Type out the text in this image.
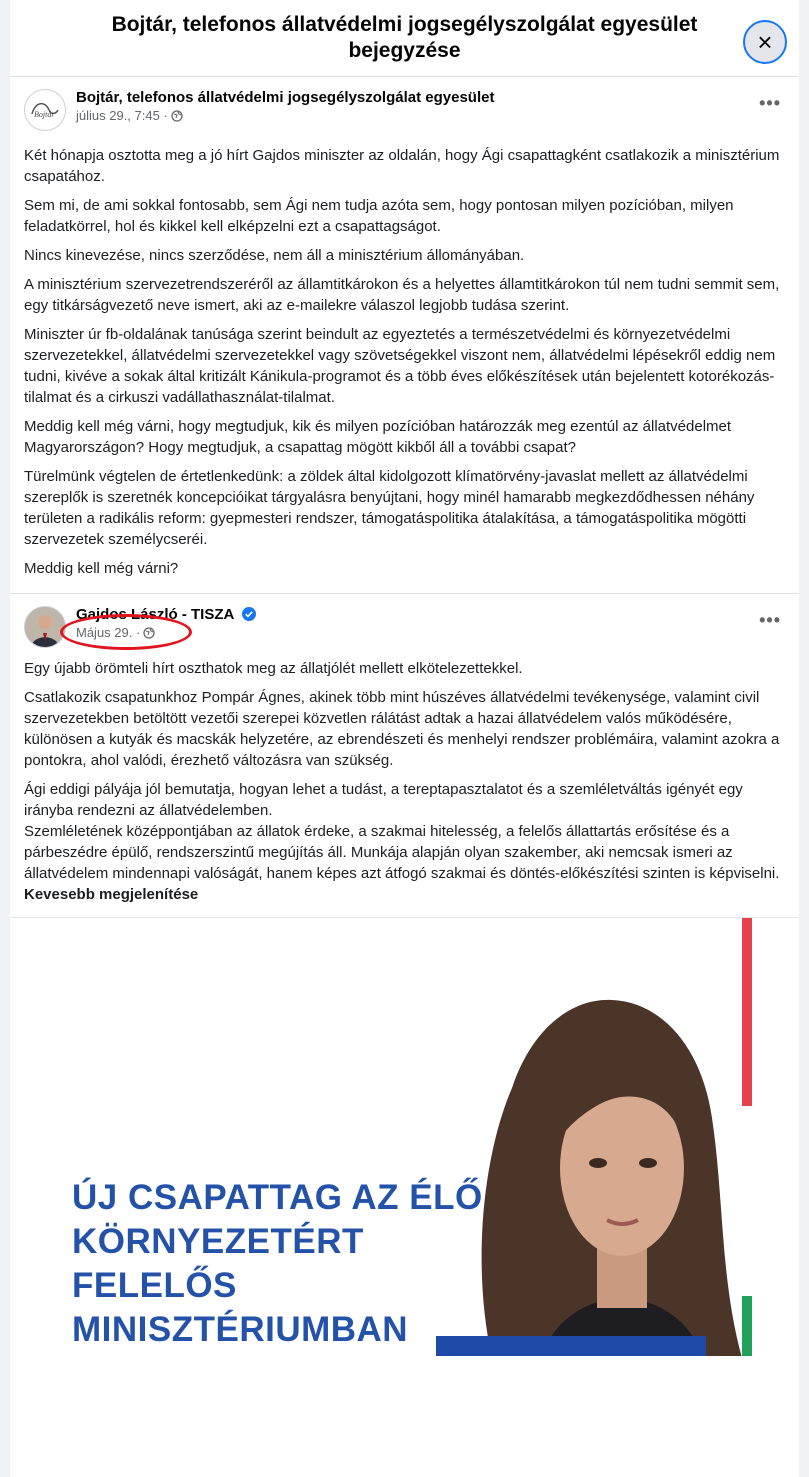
Bojtár, telefonos állatvédelmi jogsegélyszolgálat egyesület bejegyzése	×
Bojtár
Bojtár, telefonos állatvédelmi jogsegélyszolgálat egyesület
július 29., 7:45 ·
•••

Két hónapja osztotta meg a jó hírt Gajdos miniszter az oldalán, hogy Ági csapattagként csatlakozik a minisztérium csapatához.

Sem mi, de ami sokkal fontosabb, sem Ági nem tudja azóta sem, hogy pontosan milyen pozícióban, milyen feladatkörrel, hol és kikkel kell elképzelni ezt a csapattagságot.

Nincs kinevezése, nincs szerződése, nem áll a minisztérium állományában.

A minisztérium szervezetrendszeréről az államtitkárokon és a helyettes államtitkárokon túl nem tudni semmit sem, egy titkárságvezető neve ismert, aki az e-mailekre válaszol legjobb tudása szerint.

Miniszter úr fb-oldalának tanúsága szerint beindult az egyeztetés a természetvédelmi és környezetvédelmi szervezetekkel, állatvédelmi szervezetekkel vagy szövetségekkel viszont nem, állatvédelmi lépésekről eddig nem tudni, kivéve a sokak által kritizált Kánikula-programot és a több éves előkészítések után bejelentett kotorékozás-tilalmat és a cirkuszi vadállathasználat-tilalmat.

Meddig kell még várni, hogy megtudjuk, kik és milyen pozícióban határozzák meg ezentúl az állatvédelmet Magyarországon? Hogy megtudjuk, a csapattag mögött kikből áll a további csapat?

Türelmünk végtelen de értetlenkedünk: a zöldek által kidolgozott klímatörvény-javaslat mellett az állatvédelmi szereplők is szeretnék koncepcióikat tárgyalásra benyújtani, hogy minél hamarabb megkezdődhessen néhány területen a radikális reform: gyepmesteri rendszer, támogatáspolitika átalakítása, a támogatáspolitika mögötti szervezetek személycseréi.

Meddig kell még várni?

Gajdos László - TISZA
Május 29. ·
•••

Egy újabb örömteli hírt oszthatok meg az állatjólét mellett elkötelezettekkel.

Csatlakozik csapatunkhoz Pompár Ágnes, akinek több mint húszéves állatvédelmi tevékenysége, valamint civil szervezetekben betöltött vezetői szerepei közvetlen rálátást adtak a hazai állatvédelem valós működésére, különösen a kutyák és macskák helyzetére, az ebrendészeti és menhelyi rendszer problémáira, valamint azokra a pontokra, ahol valódi, érezhető változásra van szükség.

Ági eddigi pályája jól bemutatja, hogyan lehet a tudást, a tereptapasztalatot és a szemléletváltás igényét egy irányba rendezni az állatvédelemben.

Szemléletének középpontjában az állatok érdeke, a szakmai hitelesség, a felelős állattartás erősítése és a párbeszédre épülő, rendszerszintű megújítás áll. Munkája alapján olyan szakember, aki nemcsak ismeri az állatvédelem mindennapi valóságát, hanem képes azt átfogó szakmai és döntés-előkészítési szinten is képviselni. Kevesebb megjelenítése

ÚJ CSAPATTAG AZ ÉLŐ
KÖRNYEZETÉRT FELELŐS
MINISZTÉRIUMBAN
